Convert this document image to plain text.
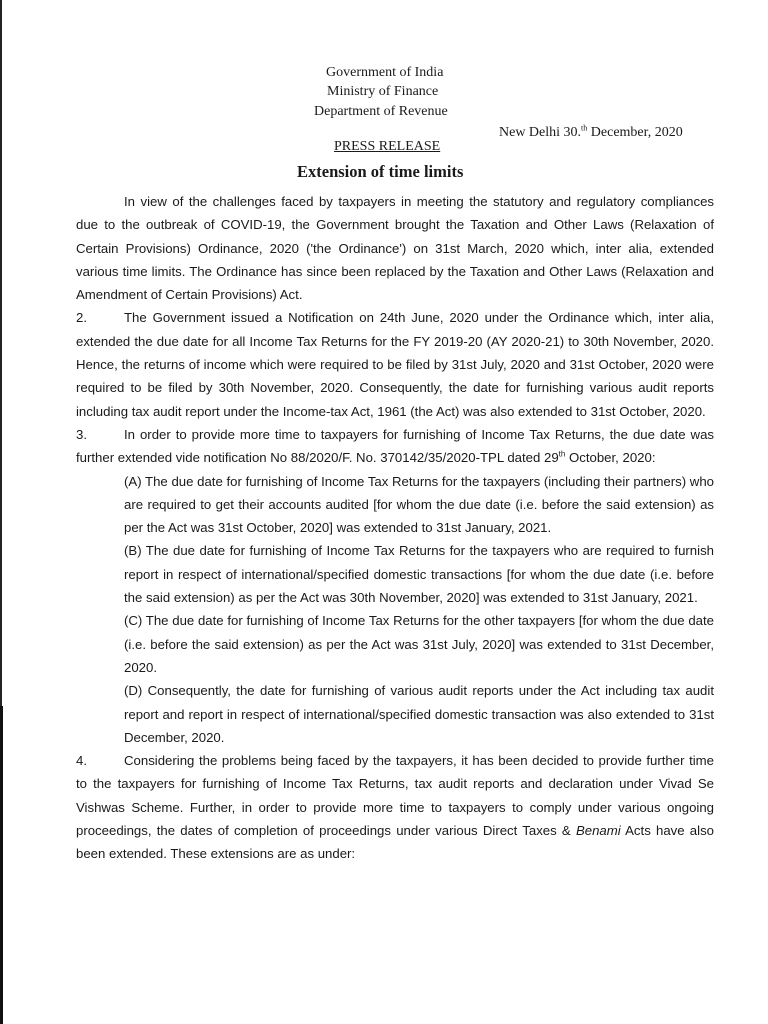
Government of India
Ministry of Finance
Department of Revenue
New Delhi 30.$^{th}$ December, 2020
PRESS RELEASE
Extension of time limits

In view of the challenges faced by taxpayers in meeting the statutory and regulatory compliances due to the outbreak of COVID-19, the Government brought the Taxation and Other Laws (Relaxation of Certain Provisions) Ordinance, 2020 ('the Ordinance') on 31st March, 2020 which, inter alia, extended various time limits. The Ordinance has since been replaced by the Taxation and Other Laws (Relaxation and Amendment of Certain Provisions) Act.

2.	The Government issued a Notification on 24th June, 2020 under the Ordinance which, inter alia, extended the due date for all Income Tax Returns for the FY 2019-20 (AY 2020-21) to 30th November, 2020. Hence, the returns of income which were required to be filed by 31st July, 2020 and 31st October, 2020 were required to be filed by 30th November, 2020. Consequently, the date for furnishing various audit reports including tax audit report under the Income-tax Act, 1961 (the Act) was also extended to 31st October, 2020.

3.	In order to provide more time to taxpayers for furnishing of Income Tax Returns, the due date was further extended vide notification No 88/2020/F. No. 370142/35/2020-TPL dated 29th October, 2020:

(A) The due date for furnishing of Income Tax Returns for the taxpayers (including their partners) who are required to get their accounts audited [for whom the due date (i.e. before the said extension) as per the Act was 31st October, 2020] was extended to 31st January, 2021.

(B) The due date for furnishing of Income Tax Returns for the taxpayers who are required to furnish report in respect of international/specified domestic transactions [for whom the due date (i.e. before the said extension) as per the Act was 30th November, 2020] was extended to 31st January, 2021.

(C) The due date for furnishing of Income Tax Returns for the other taxpayers [for whom the due date (i.e. before the said extension) as per the Act was 31st July, 2020] was extended to 31st December, 2020.

(D) Consequently, the date for furnishing of various audit reports under the Act including tax audit report and report in respect of international/specified domestic transaction was also extended to 31st December, 2020.

4.	Considering the problems being faced by the taxpayers, it has been decided to provide further time to the taxpayers for furnishing of Income Tax Returns, tax audit reports and declaration under Vivad Se Vishwas Scheme. Further, in order to provide more time to taxpayers to comply under various ongoing proceedings, the dates of completion of proceedings under various Direct Taxes & Benami Acts have also been extended. These extensions are as under:
